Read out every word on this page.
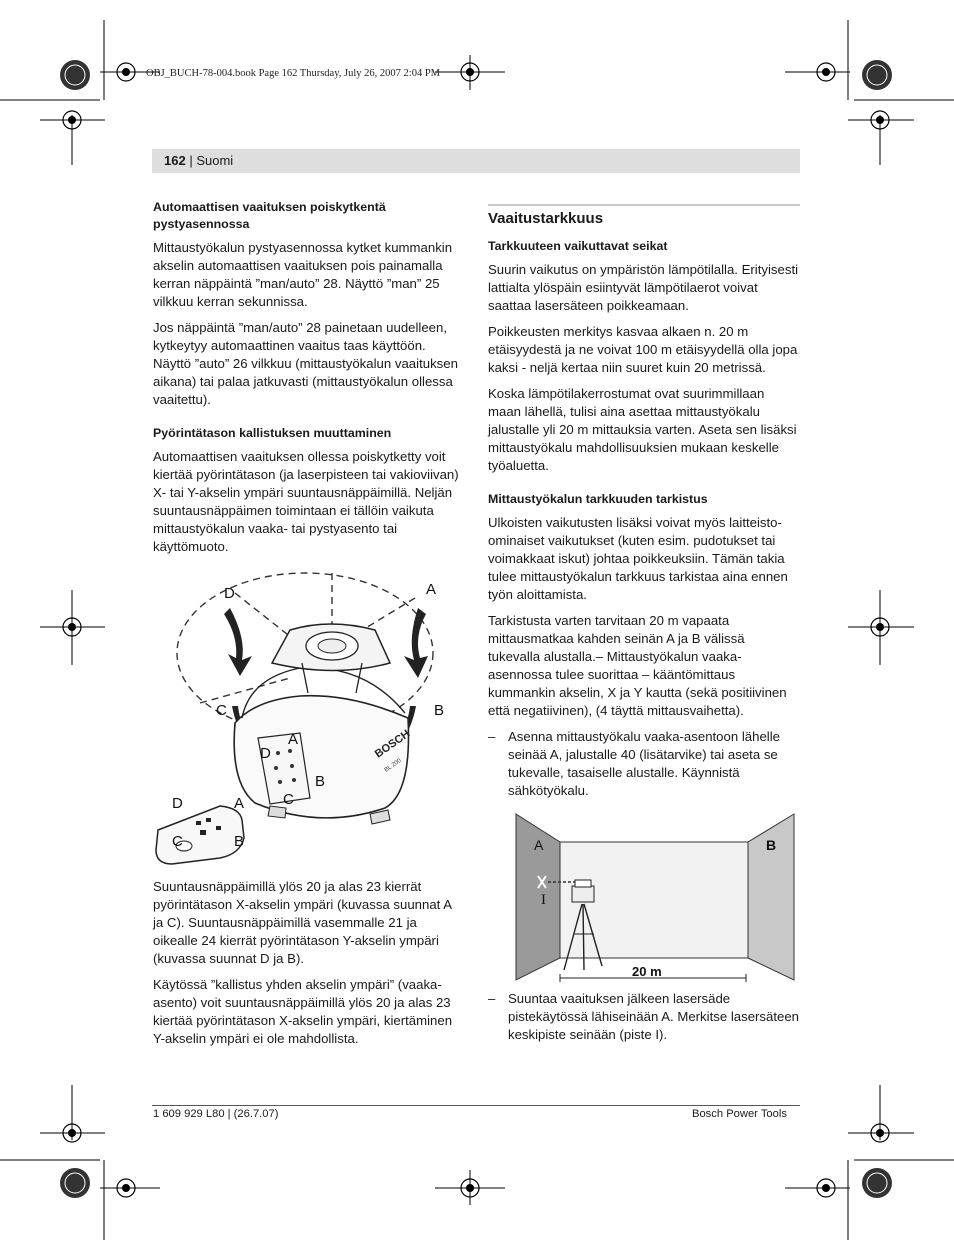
OBJ_BUCH-78-004.book Page 162 Thursday, July 26, 2007 2:04 PM
162 | Suomi
Automaattisen vaaituksen poiskytkentä pystyasennossa

Mittaustyökalun pystyasennossa kytket kummankin akselin automaattisen vaaituksen pois painamalla kerran näppäintä ”man/auto” 28. Näyttö ”man” 25 vilkkuu kerran sekunnissa.

Jos näppäintä ”man/auto” 28 painetaan uudelleen, kytkeytyy automaattinen vaaitus taas käyttöön. Näyttö ”auto” 26 vilkkuu (mittaustyökalun vaaituksen aikana) tai palaa jatkuvasti (mittaustyökalun ollessa vaaitettu).

Pyörintätason kallistuksen muuttaminen

Automaattisen vaaituksen ollessa poiskytketty voit kiertää pyörintätason (ja laserpisteen tai vakioviivan) X- tai Y-akselin ympäri suuntausnäppäimillä. Neljän suuntausnäppäimen toimintaan ei tällöin vaikuta mittaustyökalun vaaka- tai pystyasento tai käyttömuoto.

BOSCH
BL 200
D	A
C	B
D
A
B
C
D	A
C	B

Suuntausnäppäimillä ylös 20 ja alas 23 kierrät pyörintätason X-akselin ympäri (kuvassa suunnat A ja C). Suuntausnäppäimillä vasemmalle 21 ja oikealle 24 kierrät pyörintätason Y-akselin ympäri (kuvassa suunnat D ja B).

Käytössä ”kallistus yhden akselin ympäri” (vaaka-asento) voit suuntausnäppäimillä ylös 20 ja alas 23 kiertää pyörintätason X-akselin ympäri, kiertäminen Y-akselin ympäri ei ole mahdollista.

Vaaitustarkkuus
Tarkkuuteen vaikuttavat seikat

Suurin vaikutus on ympäristön lämpötilalla. Erityisesti lattialta ylöspäin esiintyvät lämpötilaerot voivat saattaa lasersäteen poikkeamaan.

Poikkeusten merkitys kasvaa alkaen n. 20 m etäisyydestä ja ne voivat 100 m etäisyydellä olla jopa kaksi - neljä kertaa niin suuret kuin 20 metrissä.

Koska lämpötilakerrostumat ovat suurimmillaan maan lähellä, tulisi aina asettaa mittaustyökalu jalustalle yli 20 m mittauksia varten. Aseta sen lisäksi mittaustyökalu mahdollisuuksien mukaan keskelle työaluetta.

Mittaustyökalun tarkkuuden tarkistus

Ulkoisten vaikutusten lisäksi voivat myös laitteisto-ominaiset vaikutukset (kuten esim. pudotukset tai voimakkaat iskut) johtaa poikkeuksiin. Tämän takia tulee mittaustyökalun tarkkuus tarkistaa aina ennen työn aloittamista.

Tarkistusta varten tarvitaan 20 m vapaata mittausmatkaa kahden seinän A ja B välissä tukevalla alustalla.– Mittaustyökalun vaaka-asennossa tulee suorittaa – kääntömittaus kummankin akselin, X ja Y kautta (sekä positiivinen että negatiivinen), (4 täyttä mittausvaihetta).

– Asenna mittaustyökalu vaaka-asentoon lähelle seinää A, jalustalle 40 (lisätarvike) tai aseta se tukevalle, tasaiselle alustalle. Käynnistä sähkötyökalu.

A	B
I
20 m

– Suuntaa vaaituksen jälkeen lasersäde pistekäytössä lähiseinään A. Merkitse lasersäteen keskipiste seinään (piste I).

1 609 929 L80 | (26.7.07)	Bosch Power Tools
